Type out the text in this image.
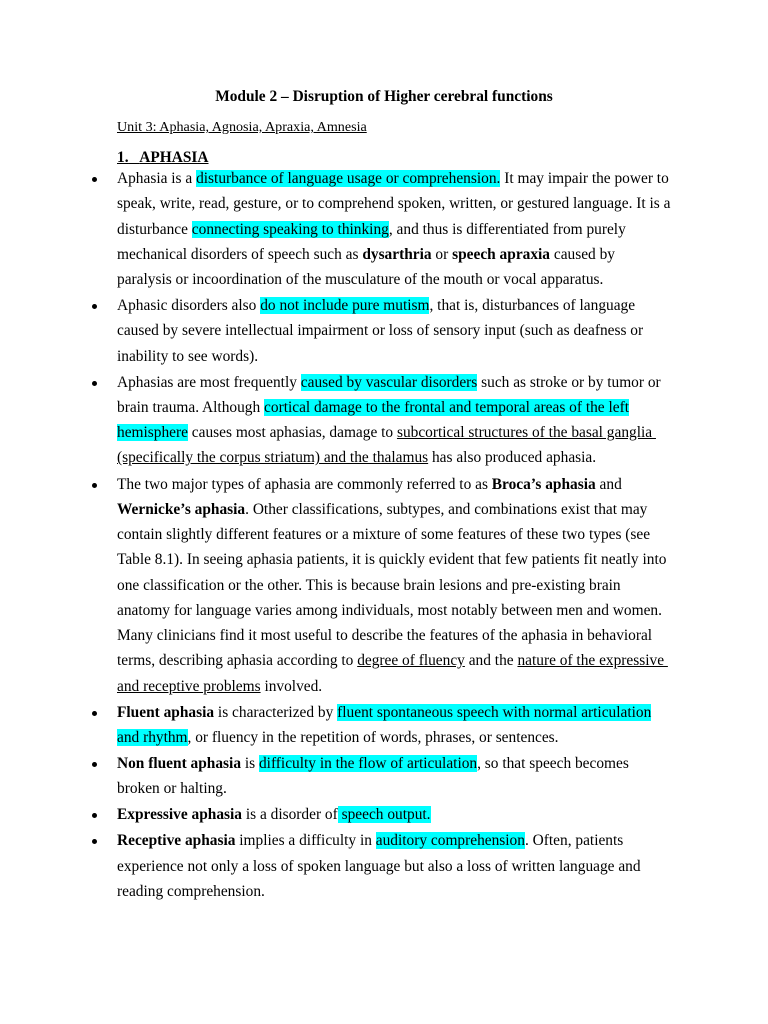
Module 2 – Disruption of Higher cerebral functions
Unit 3: Aphasia, Agnosia, Apraxia, Amnesia
1. APHASIA
Aphasia is a disturbance of language usage or comprehension. It may impair the power to
speak, write, read, gesture, or to comprehend spoken, written, or gestured language. It is a
disturbance connecting speaking to thinking, and thus is differentiated from purely
mechanical disorders of speech such as dysarthria or speech apraxia caused by
paralysis or incoordination of the musculature of the mouth or vocal apparatus.
Aphasic disorders also do not include pure mutism, that is, disturbances of language
caused by severe intellectual impairment or loss of sensory input (such as deafness or
inability to see words).
Aphasias are most frequently caused by vascular disorders such as stroke or by tumor or
brain trauma. Although cortical damage to the frontal and temporal areas of the left
hemisphere causes most aphasias, damage to subcortical structures of the basal ganglia
(specifically the corpus striatum) and the thalamus has also produced aphasia.
The two major types of aphasia are commonly referred to as Broca’s aphasia and
Wernicke’s aphasia. Other classifications, subtypes, and combinations exist that may
contain slightly different features or a mixture of some features of these two types (see
Table 8.1). In seeing aphasia patients, it is quickly evident that few patients fit neatly into
one classification or the other. This is because brain lesions and pre-existing brain
anatomy for language varies among individuals, most notably between men and women.
Many clinicians find it most useful to describe the features of the aphasia in behavioral
terms, describing aphasia according to degree of fluency and the nature of the expressive
and receptive problems involved.
Fluent aphasia is characterized by fluent spontaneous speech with normal articulation
and rhythm, or fluency in the repetition of words, phrases, or sentences.
Non fluent aphasia is difficulty in the flow of articulation, so that speech becomes
broken or halting.
Expressive aphasia is a disorder of speech output.
Receptive aphasia implies a difficulty in auditory comprehension. Often, patients
experience not only a loss of spoken language but also a loss of written language and
reading comprehension.
